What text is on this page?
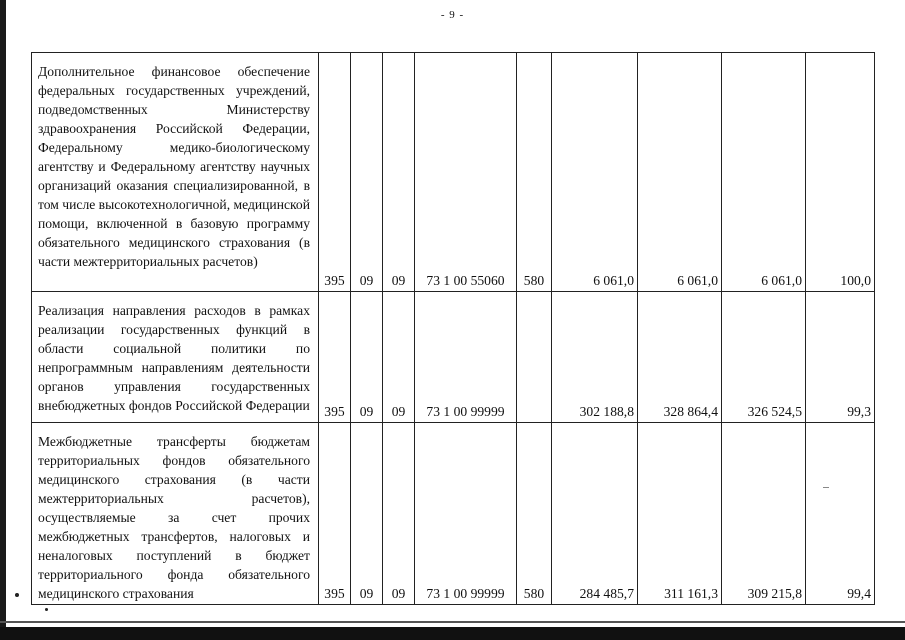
- 9 -
Дополнительное финансовое обеспечение федеральных государственных учреждений, подведомственных Министерству здравоохранения Российской Федерации, Федеральному медико-биологическому агентству и Федеральному агентству научных организаций оказания специализированной, в том числе высокотехнологичной, медицинской помощи, включенной в базовую программу обязательного медицинского страхования (в части межтерриториальных расчетов)	395	09	09	73 1 00 55060	580	6 061,0	6 061,0	6 061,0	100,0

Реализация направления расходов в рамках реализации государственных функций в области социальной политики по непрограммным направлениям деятельности органов управления государственных внебюджетных фондов Российской Федерации	395	09	09	73 1 00 99999		302 188,8	328 864,4	326 524,5	99,3

Межбюджетные трансферты бюджетам территориальных фондов обязательного медицинского страхования (в части межтерриториальных расчетов), осуществляемые за счет прочих межбюджетных трансфертов, налоговых и неналоговых поступлений в бюджет территориального фонда обязательного медицинского страхования	395	09	09	73 1 00 99999	580	284 485,7	311 161,3	309 215,8	99,4
